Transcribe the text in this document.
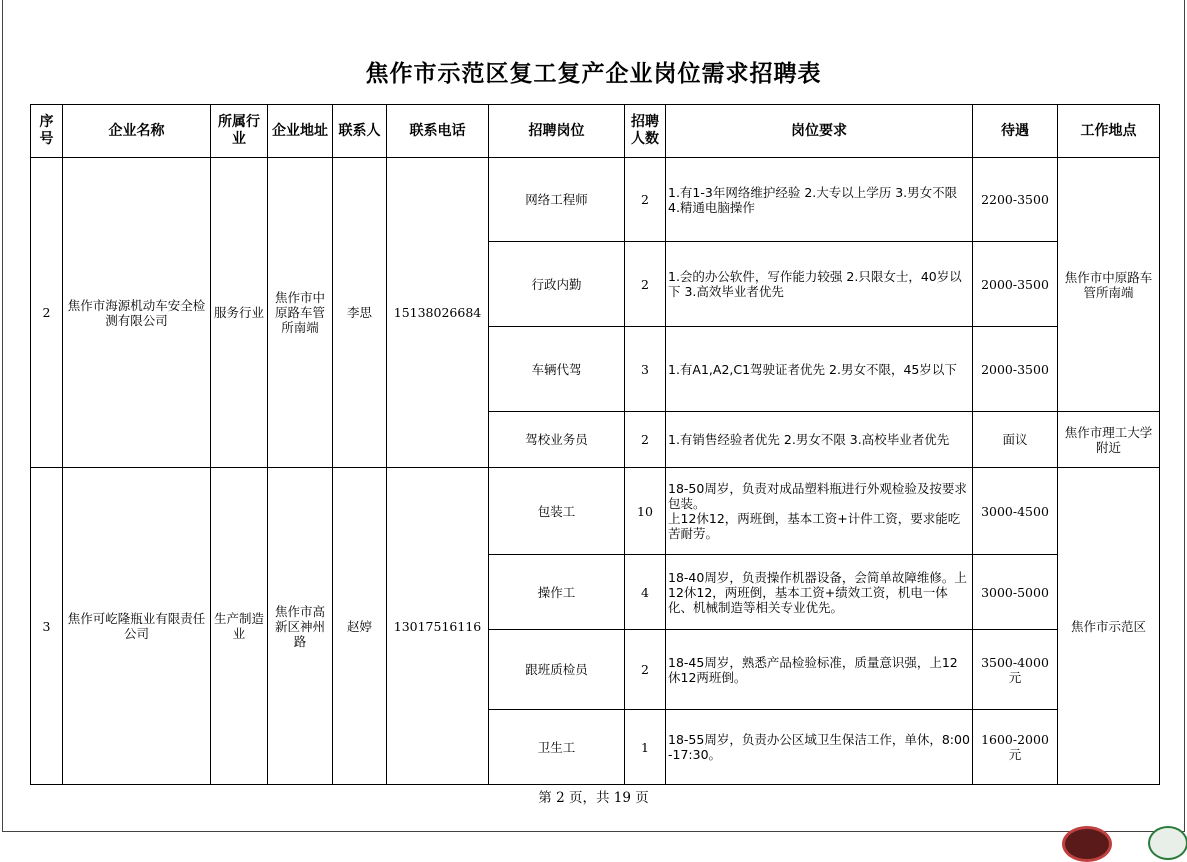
焦作市示范区复工复产企业岗位需求招聘表
序号	企业名称	所属行业	企业地址	联系人	联系电话	招聘岗位	招聘人数	岗位要求	待遇	工作地点
2	焦作市海源机动车安全检测有限公司	服务行业	焦作市中原路车管所南端	李思	15138026684	网络工程师	2	1.有1-3年网络维护经验 2.大专以上学历 3.男女不限 4.精通电脑操作	2200-3500	焦作市中原路车管所南端
						行政内勤	2	1.会的办公软件，写作能力较强 2.只限女士，40岁以下 3.高效毕业者优先	2000-3500	
						车辆代驾	3	1.有A1,A2,C1驾驶证者优先 2.男女不限，45岁以下	2000-3500	
						驾校业务员	2	1.有销售经验者优先 2.男女不限 3.高校毕业者优先	面议	焦作市理工大学附近
3	焦作可屹隆瓶业有限责任公司	生产制造业	焦作市高新区神州路	赵婷	13017516116	包装工	10	18-50周岁，负责对成品塑料瓶进行外观检验及按要求包装。
上12休12，两班倒，基本工资+计件工资，要求能吃苦耐劳。	3000-4500	焦作市示范区
						操作工	4	18-40周岁，负责操作机器设备，会简单故障维修。上12休12，两班倒，基本工资+绩效工资，机电一体化、机械制造等相关专业优先。	3000-5000	
						跟班质检员	2	18-45周岁，熟悉产品检验标准，质量意识强，上12休12两班倒。	3500-4000元	
						卫生工	1	18-55周岁，负责办公区域卫生保洁工作，单休，8:00-17:30。	1600-2000元	
第 2 页，共 19 页
